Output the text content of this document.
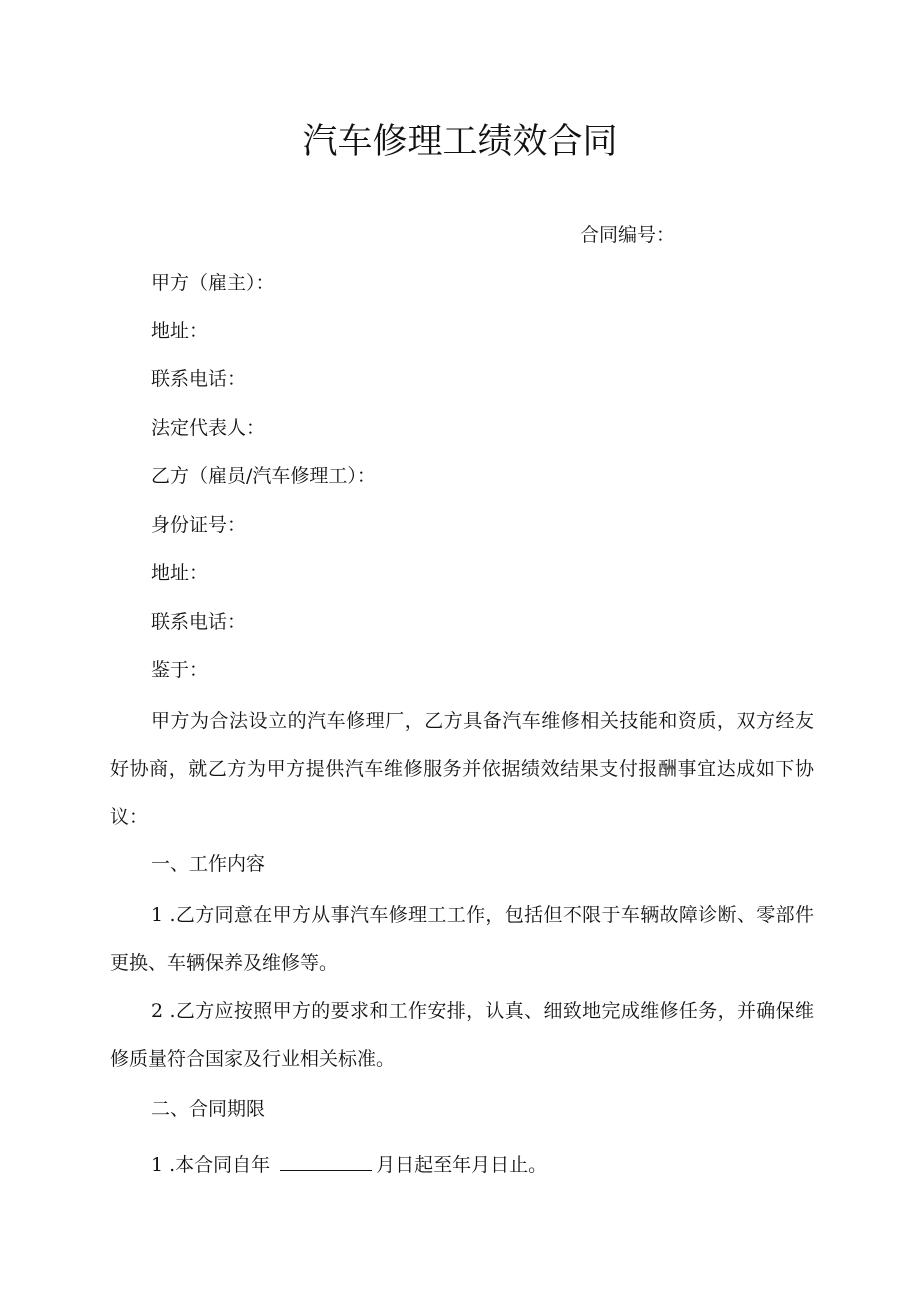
汽车修理工绩效合同
合同编号：
甲方（雇主）：
地址：
联系电话：
法定代表人：
乙方（雇员/汽车修理工）：
身份证号：
地址：
联系电话：
鉴于：
甲方为合法设立的汽车修理厂，乙方具备汽车维修相关技能和资质，双方经友好协商，就乙方为甲方提供汽车维修服务并依据绩效结果支付报酬事宜达成如下协议：
一、工作内容
1 .乙方同意在甲方从事汽车修理工工作，包括但不限于车辆故障诊断、零部件更换、车辆保养及维修等。
2 .乙方应按照甲方的要求和工作安排，认真、细致地完成维修任务，并确保维修质量符合国家及行业相关标准。
二、合同期限
1 .本合同自年	月日起至年月日止。
